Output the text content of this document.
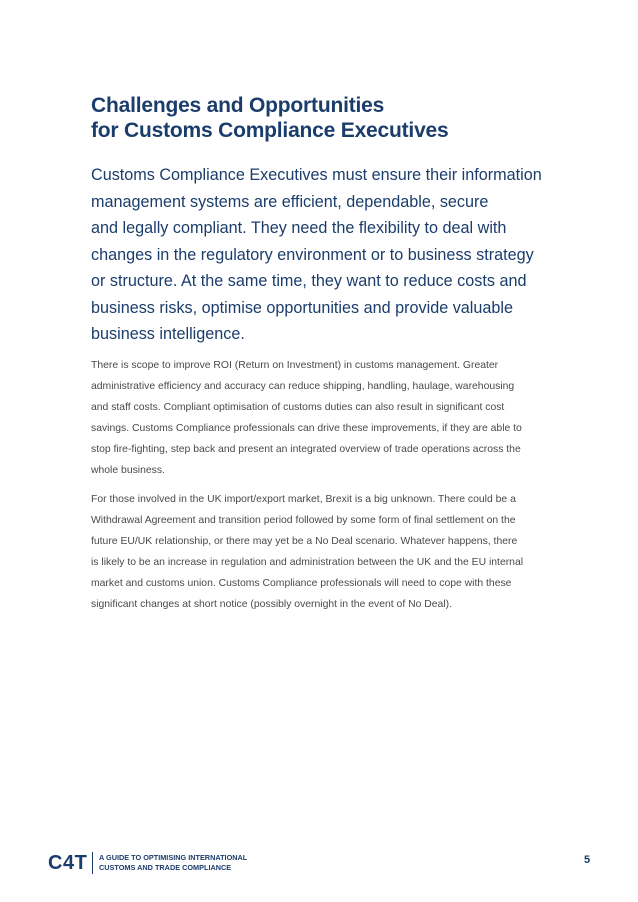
Challenges and Opportunities
for Customs Compliance Executives

Customs Compliance Executives must ensure their information
management systems are efficient, dependable, secure
and legally compliant. They need the flexibility to deal with
changes in the regulatory environment or to business strategy
or structure. At the same time, they want to reduce costs and
business risks, optimise opportunities and provide valuable
business intelligence.

There is scope to improve ROI (Return on Investment) in customs management. Greater
administrative efficiency and accuracy can reduce shipping, handling, haulage, warehousing
and staff costs. Compliant optimisation of customs duties can also result in significant cost
savings. Customs Compliance professionals can drive these improvements, if they are able to
stop fire-fighting, step back and present an integrated overview of trade operations across the
whole business.

For those involved in the UK import/export market, Brexit is a big unknown. There could be a
Withdrawal Agreement and transition period followed by some form of final settlement on the
future EU/UK relationship, or there may yet be a No Deal scenario. Whatever happens, there
is likely to be an increase in regulation and administration between the UK and the EU internal
market and customs union. Customs Compliance professionals will need to cope with these
significant changes at short notice (possibly overnight in the event of No Deal).

C4T A GUIDE TO OPTIMISING INTERNATIONAL
CUSTOMS AND TRADE COMPLIANCE
5
